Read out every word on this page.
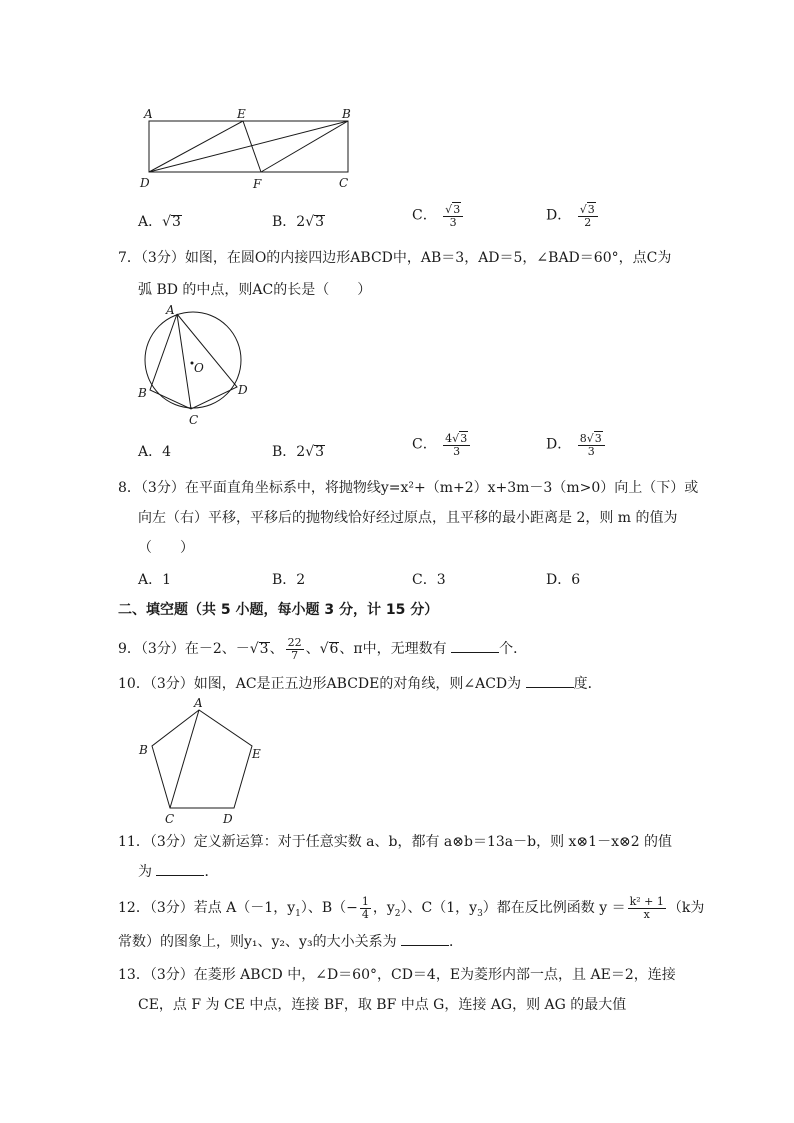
A	E	B
D	F	C
A．√3	B．2√3	C． $\frac{√3}{3}$	D． $\frac{√3}{2}$
7．（3分）如图，在圆O的内接四边形ABCD中，AB＝3，AD＝5，∠BAD＝60°，点C为
弧 BD 的中点，则AC的长是（　　）
A
O
B
C
D
A．4	B．2√3	C． $\frac{4√3}{3}$	D． $\frac{8√3}{3}$
8．（3分）在平面直角坐标系中，将抛物线y=x²+（m+2）x+3m－3（m>0）向上（下）或
向左（右）平移，平移后的抛物线恰好经过原点，且平移的最小距离是 2，则 m 的值为
（　　）
A．1	B．2	C．3	D．6
二、填空题（共 5 小题，每小题 3 分，计 15 分）
9．（3分）在－2、－√3、 $\frac{22}{7}$ 、√6、π中，无理数有	个．
10．（3分）如图，AC是正五边形ABCDE的对角线，则∠ACD为	度．
A
B	E
C	D
11．（3分）定义新运算：对于任意实数 a、b，都有 a⊗b＝13a－b，则 x⊗1－x⊗2 的值
为	．
12．（3分）若点 A（－1，$y_1$）、$B(- \frac{1}{4}$ ，$y_2$）、C（1，$y_3$）都在反比例函数 $y = \frac{\text{k² + 1}}{x} (k$为
常数）的图象上，则y₁、y₂、y₃的大小关系为	．
13．（3分）在菱形 ABCD 中，∠D＝60°，CD＝4，E为菱形内部一点，且 AE＝2，连接
CE，点 F 为 CE 中点，连接 BF，取 BF 中点 G，连接 AG，则 AG 的最大值
